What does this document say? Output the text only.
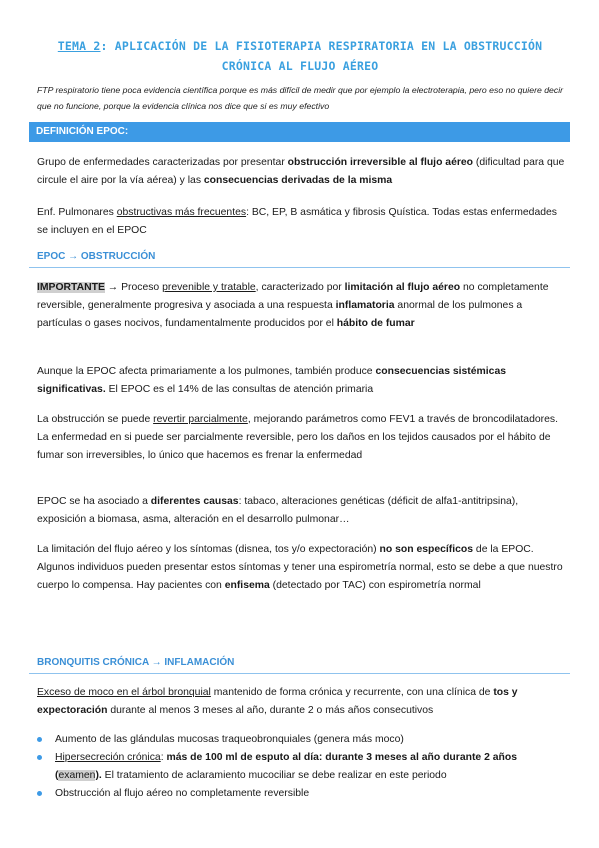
TEMA 2: APLICACIÓN DE LA FISIOTERAPIA RESPIRATORIA EN LA OBSTRUCCIÓN
CRÓNICA AL FLUJO AÉREO
FTP respiratorio tiene poca evidencia científica porque es más difícil de medir que por ejemplo la electroterapia, pero eso no quiere decir que no funcione, porque la evidencia clínica nos dice que si es muy efectivo
DEFINICIÓN EPOC:
Grupo de enfermedades caracterizadas por presentar obstrucción irreversible al flujo aéreo (dificultad para que circule el aire por la vía aérea) y las consecuencias derivadas de la misma
Enf. Pulmonares obstructivas más frecuentes: BC, EP, B asmática y fibrosis Quística. Todas estas enfermedades se incluyen en el EPOC
EPOC → OBSTRUCCIÓN
IMPORTANTE → Proceso prevenible y tratable, caracterizado por limitación al flujo aéreo no completamente reversible, generalmente progresiva y asociada a una respuesta inflamatoria anormal de los pulmones a partículas o gases nocivos, fundamentalmente producidos por el hábito de fumar
Aunque la EPOC afecta primariamente a los pulmones, también produce consecuencias sistémicas significativas. El EPOC es el 14% de las consultas de atención primaria
La obstrucción se puede revertir parcialmente, mejorando parámetros como FEV1 a través de broncodilatadores. La enfermedad en si puede ser parcialmente reversible, pero los daños en los tejidos causados por el hábito de fumar son irreversibles, lo único que hacemos es frenar la enfermedad
EPOC se ha asociado a diferentes causas: tabaco, alteraciones genéticas (déficit de alfa1-antitripsina), exposición a biomasa, asma, alteración en el desarrollo pulmonar…
La limitación del flujo aéreo y los síntomas (disnea, tos y/o expectoración) no son específicos de la EPOC. Algunos individuos pueden presentar estos síntomas y tener una espirometría normal, esto se debe a que nuestro cuerpo lo compensa. Hay pacientes con enfisema (detectado por TAC) con espirometría normal
BRONQUITIS CRÓNICA → INFLAMACIÓN
Exceso de moco en el árbol bronquial mantenido de forma crónica y recurrente, con una clínica de tos y expectoración durante al menos 3 meses al año, durante 2 o más años consecutivos
Aumento de las glándulas mucosas traqueobronquiales (genera más moco)
Hipersecreción crónica: más de 100 ml de esputo al día: durante 3 meses al año durante 2 años (examen). El tratamiento de aclaramiento mucociliar se debe realizar en este periodo
Obstrucción al flujo aéreo no completamente reversible
